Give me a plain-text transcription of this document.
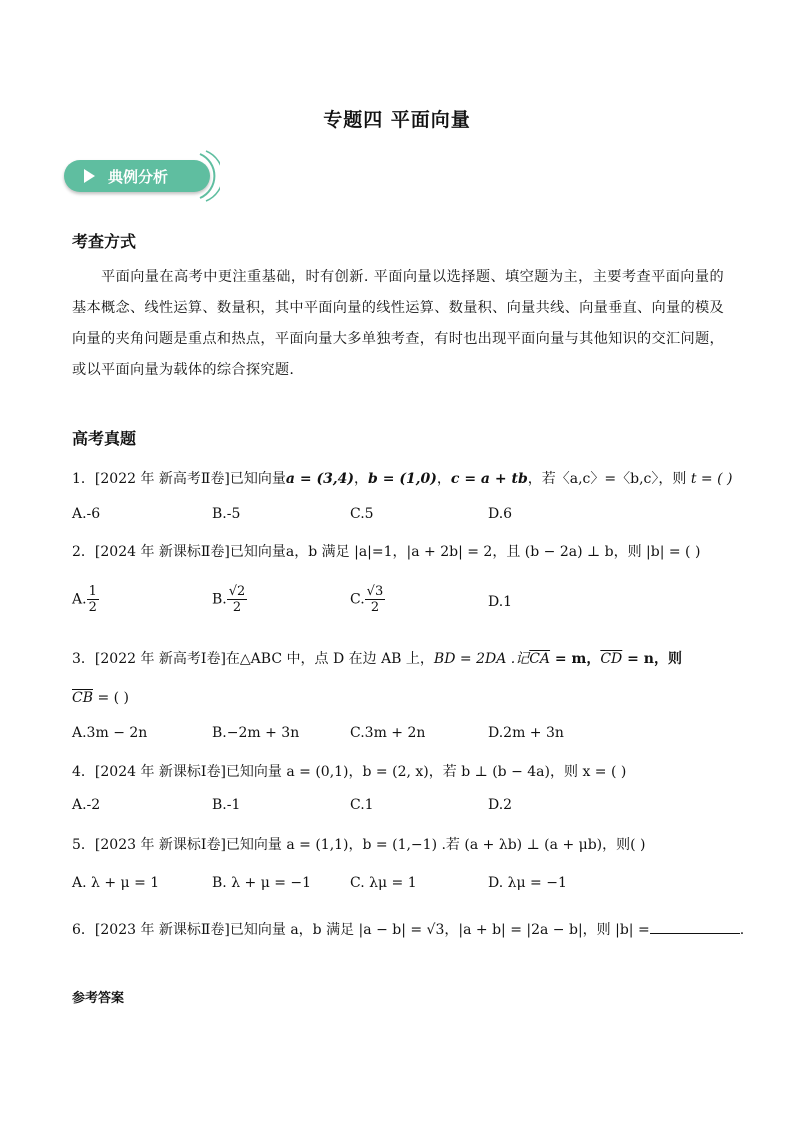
专题四 平面向量
典例分析
考查方式
平面向量在高考中更注重基础，时有创新. 平面向量以选择题、填空题为主，主要考查平面向量的基本概念、线性运算、数量积，其中平面向量的线性运算、数量积、向量共线、向量垂直、向量的模及向量的夹角问题是重点和热点，平面向量大多单独考查，有时也出现平面向量与其他知识的交汇问题，或以平面向量为载体的综合探究题.
高考真题
1．[2022 年 新高考Ⅱ卷]已知向量a = (3,4)，b = (1,0)，c = a + tb，若〈a,c〉=〈b,c〉，则 t = ( )
A.-6	B.-5	C.5	D.6
2．[2024 年 新课标Ⅱ卷]已知向量a，b 满足 |a|=1，|a + 2b| = 2，且 (b − 2a) ⊥ b，则 |b| = ( )
A. $\frac{1}{2}$	B. $\frac{√2}{2}$	C. $\frac{√3}{2}$	D.1
3．[2022 年 新高考Ⅰ卷]在△ABC 中，点 D 在边 AB 上，BD = 2DA .记$\overline{CA} = m$，$\overline{CD} = n$，则
$\overline{CB}$ = ( )
A.3m − 2n	B.−2m + 3n	C.3m + 2n	D.2m + 3n
4．[2024 年 新课标Ⅰ卷]已知向量 a = (0,1)，b = (2, x)，若 b ⊥ (b − 4a)，则 x = ( )
A.-2	B.-1	C.1	D.2
5．[2023 年 新课标Ⅰ卷]已知向量 a = (1,1)，b = (1,−1) .若 (a + λb) ⊥ (a + μb)，则( )
A. λ + μ = 1	B. λ + μ = −1	C. λμ = 1	D. λμ = −1
6．[2023 年 新课标Ⅱ卷]已知向量 a，b 满足 |a − b| = √3，|a + b| = |2a − b|，则 |b| =	.
参考答案
